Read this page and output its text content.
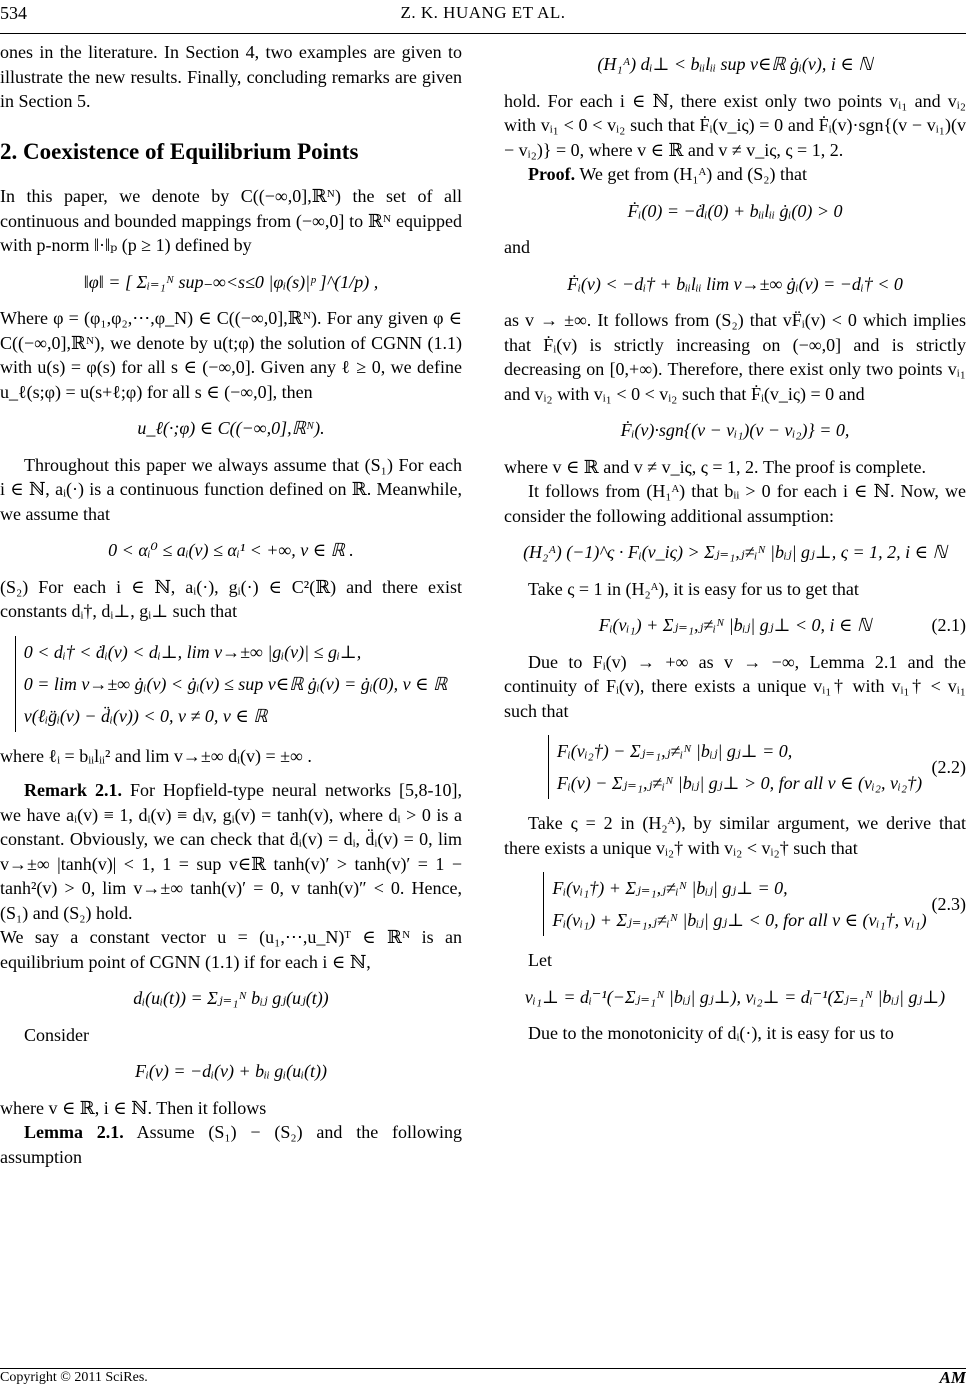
534	Z. K. HUANG ET AL.

ones in the literature. In Section 4, two examples are given to illustrate the new results. Finally, concluding remarks are given in Section 5.

2. Coexistence of Equilibrium Points

In this paper, we denote by C((−∞,0],ℝᴺ) the set of all continuous and bounded mappings from (−∞,0] to ℝᴺ equipped with p-norm ‖·‖ₚ (p ≥ 1) defined by

‖φ‖ = [ Σᵢ₌₁ᴺ sup₋∞<s≤0 |φᵢ(s)|ᵖ ]^(1/p) ,

Where φ = (φ₁,φ₂,⋯,φ_N) ∈ C((−∞,0],ℝᴺ). For any given φ ∈ C((−∞,0],ℝᴺ), we denote by u(t;φ) the solution of CGNN (1.1) with u(s) = φ(s) for all s ∈ (−∞,0]. Given any ℓ ≥ 0, we define u_ℓ(s;φ) = u(s+ℓ;φ) for all s ∈ (−∞,0], then

u_ℓ(·;φ) ∈ C((−∞,0],ℝᴺ).

Throughout this paper we always assume that (S₁) For each i ∈ ℕ, aᵢ(·) is a continuous function defined on ℝ. Meanwhile, we assume that

0 < αᵢ⁰ ≤ aᵢ(v) ≤ αᵢ¹ < +∞, v ∈ ℝ .

(S₂) For each i ∈ ℕ, aᵢ(·), gᵢ(·) ∈ C²(ℝ) and there exist constants dᵢ†, dᵢ⊥, gᵢ⊥ such that

0 < dᵢ† < ḋᵢ(v) < dᵢ⊥, lim v→±∞ |gᵢ(v)| ≤ gᵢ⊥,
0 = lim v→±∞ ġᵢ(v) < ġᵢ(v) ≤ sup v∈ℝ ġᵢ(v) = ġᵢ(0), v ∈ ℝ
v(ℓᵢg̈ᵢ(v) − d̈ᵢ(v)) < 0, v ≠ 0, v ∈ ℝ

where ℓᵢ = bᵢᵢlᵢᵢ² and lim v→±∞ dᵢ(v) = ±∞ .

Remark 2.1. For Hopfield-type neural networks [5,8-10], we have aᵢ(v) ≡ 1, dᵢ(v) ≡ dᵢv, gᵢ(v) = tanh(v), where dᵢ > 0 is a constant. Obviously, we can check that ḋᵢ(v) = dᵢ, d̈ᵢ(v) = 0, lim v→±∞ |tanh(v)| < 1, 1 = sup v∈ℝ tanh(v)′ > tanh(v)′ = 1 − tanh²(v) > 0, lim v→±∞ tanh(v)′ = 0, v tanh(v)″ < 0. Hence, (S₁) and (S₂) hold.

We say a constant vector u = (u₁,⋯,u_N)ᵀ ∈ ℝᴺ is an equilibrium point of CGNN (1.1) if for each i ∈ ℕ,

dᵢ(uᵢ(t)) = Σⱼ₌₁ᴺ bᵢⱼ gⱼ(uⱼ(t))

Consider

Fᵢ(v) = −dᵢ(v) + bᵢᵢ gᵢ(uᵢ(t))

where v ∈ ℝ, i ∈ ℕ. Then it follows

Lemma 2.1. Assume (S₁) − (S₂) and the following assumption

(H₁ᴬ) dᵢ⊥ < bᵢᵢlᵢᵢ sup v∈ℝ ġᵢ(v), i ∈ ℕ

hold. For each i ∈ ℕ, there exist only two points vᵢ₁ and vᵢ₂ with vᵢ₁ < 0 < vᵢ₂ such that Ḟᵢ(v_iς) = 0 and Ḟᵢ(v)·sgn{(v − vᵢ₁)(v − vᵢ₂)} = 0, where v ∈ ℝ and v ≠ v_iς, ς = 1, 2.

Proof. We get from (H₁ᴬ) and (S₂) that

Ḟᵢ(0) = −ḋᵢ(0) + bᵢᵢlᵢᵢ ġᵢ(0) > 0

and

Ḟᵢ(v) < −dᵢ† + bᵢᵢlᵢᵢ lim v→±∞ ġᵢ(v) = −dᵢ† < 0

as v → ±∞. It follows from (S₂) that vF̈ᵢ(v) < 0 which implies that Ḟᵢ(v) is strictly increasing on (−∞,0] and is strictly decreasing on [0,+∞). Therefore, there exist only two points vᵢ₁ and vᵢ₂ with vᵢ₁ < 0 < vᵢ₂ such that Ḟᵢ(v_iς) = 0 and

Ḟᵢ(v)·sgn{(v − vᵢ₁)(v − vᵢ₂)} = 0,

where v ∈ ℝ and v ≠ v_iς, ς = 1, 2. The proof is complete.

It follows from (H₁ᴬ) that bᵢᵢ > 0 for each i ∈ ℕ. Now, we consider the following additional assumption:

(H₂ᴬ) (−1)^ς · Fᵢ(v_iς) > Σⱼ₌₁,ⱼ≠ᵢᴺ |bᵢⱼ| gⱼ⊥, ς = 1, 2, i ∈ ℕ

Take ς = 1 in (H₂ᴬ), it is easy for us to get that

Fᵢ(vᵢ₁) + Σⱼ₌₁,ⱼ≠ᵢᴺ |bᵢⱼ| gⱼ⊥ < 0, i ∈ ℕ	(2.1)

Due to Fᵢ(v) → +∞ as v → −∞, Lemma 2.1 and the continuity of Fᵢ(v), there exists a unique vᵢ₁† with vᵢ₁† < vᵢ₁ such that

Fᵢ(vᵢ₂†) − Σⱼ₌₁,ⱼ≠ᵢᴺ |bᵢⱼ| gⱼ⊥ = 0,
Fᵢ(v) − Σⱼ₌₁,ⱼ≠ᵢᴺ |bᵢⱼ| gⱼ⊥ > 0, for all v ∈ (vᵢ₂, vᵢ₂†)
(2.2)

Take ς = 2 in (H₂ᴬ), by similar argument, we derive that there exists a unique vᵢ₂† with vᵢ₂ < vᵢ₂† such that

Fᵢ(vᵢ₁†) + Σⱼ₌₁,ⱼ≠ᵢᴺ |bᵢⱼ| gⱼ⊥ = 0,
Fᵢ(vᵢ₁) + Σⱼ₌₁,ⱼ≠ᵢᴺ |bᵢⱼ| gⱼ⊥ < 0, for all v ∈ (vᵢ₁†, vᵢ₁)
(2.3)

Let

vᵢ₁⊥ = dᵢ⁻¹(−Σⱼ₌₁ᴺ |bᵢⱼ| gⱼ⊥), vᵢ₂⊥ = dᵢ⁻¹(Σⱼ₌₁ᴺ |bᵢⱼ| gⱼ⊥)

Due to the monotonicity of dᵢ(·), it is easy for us to

Copyright © 2011 SciRes.	AM
